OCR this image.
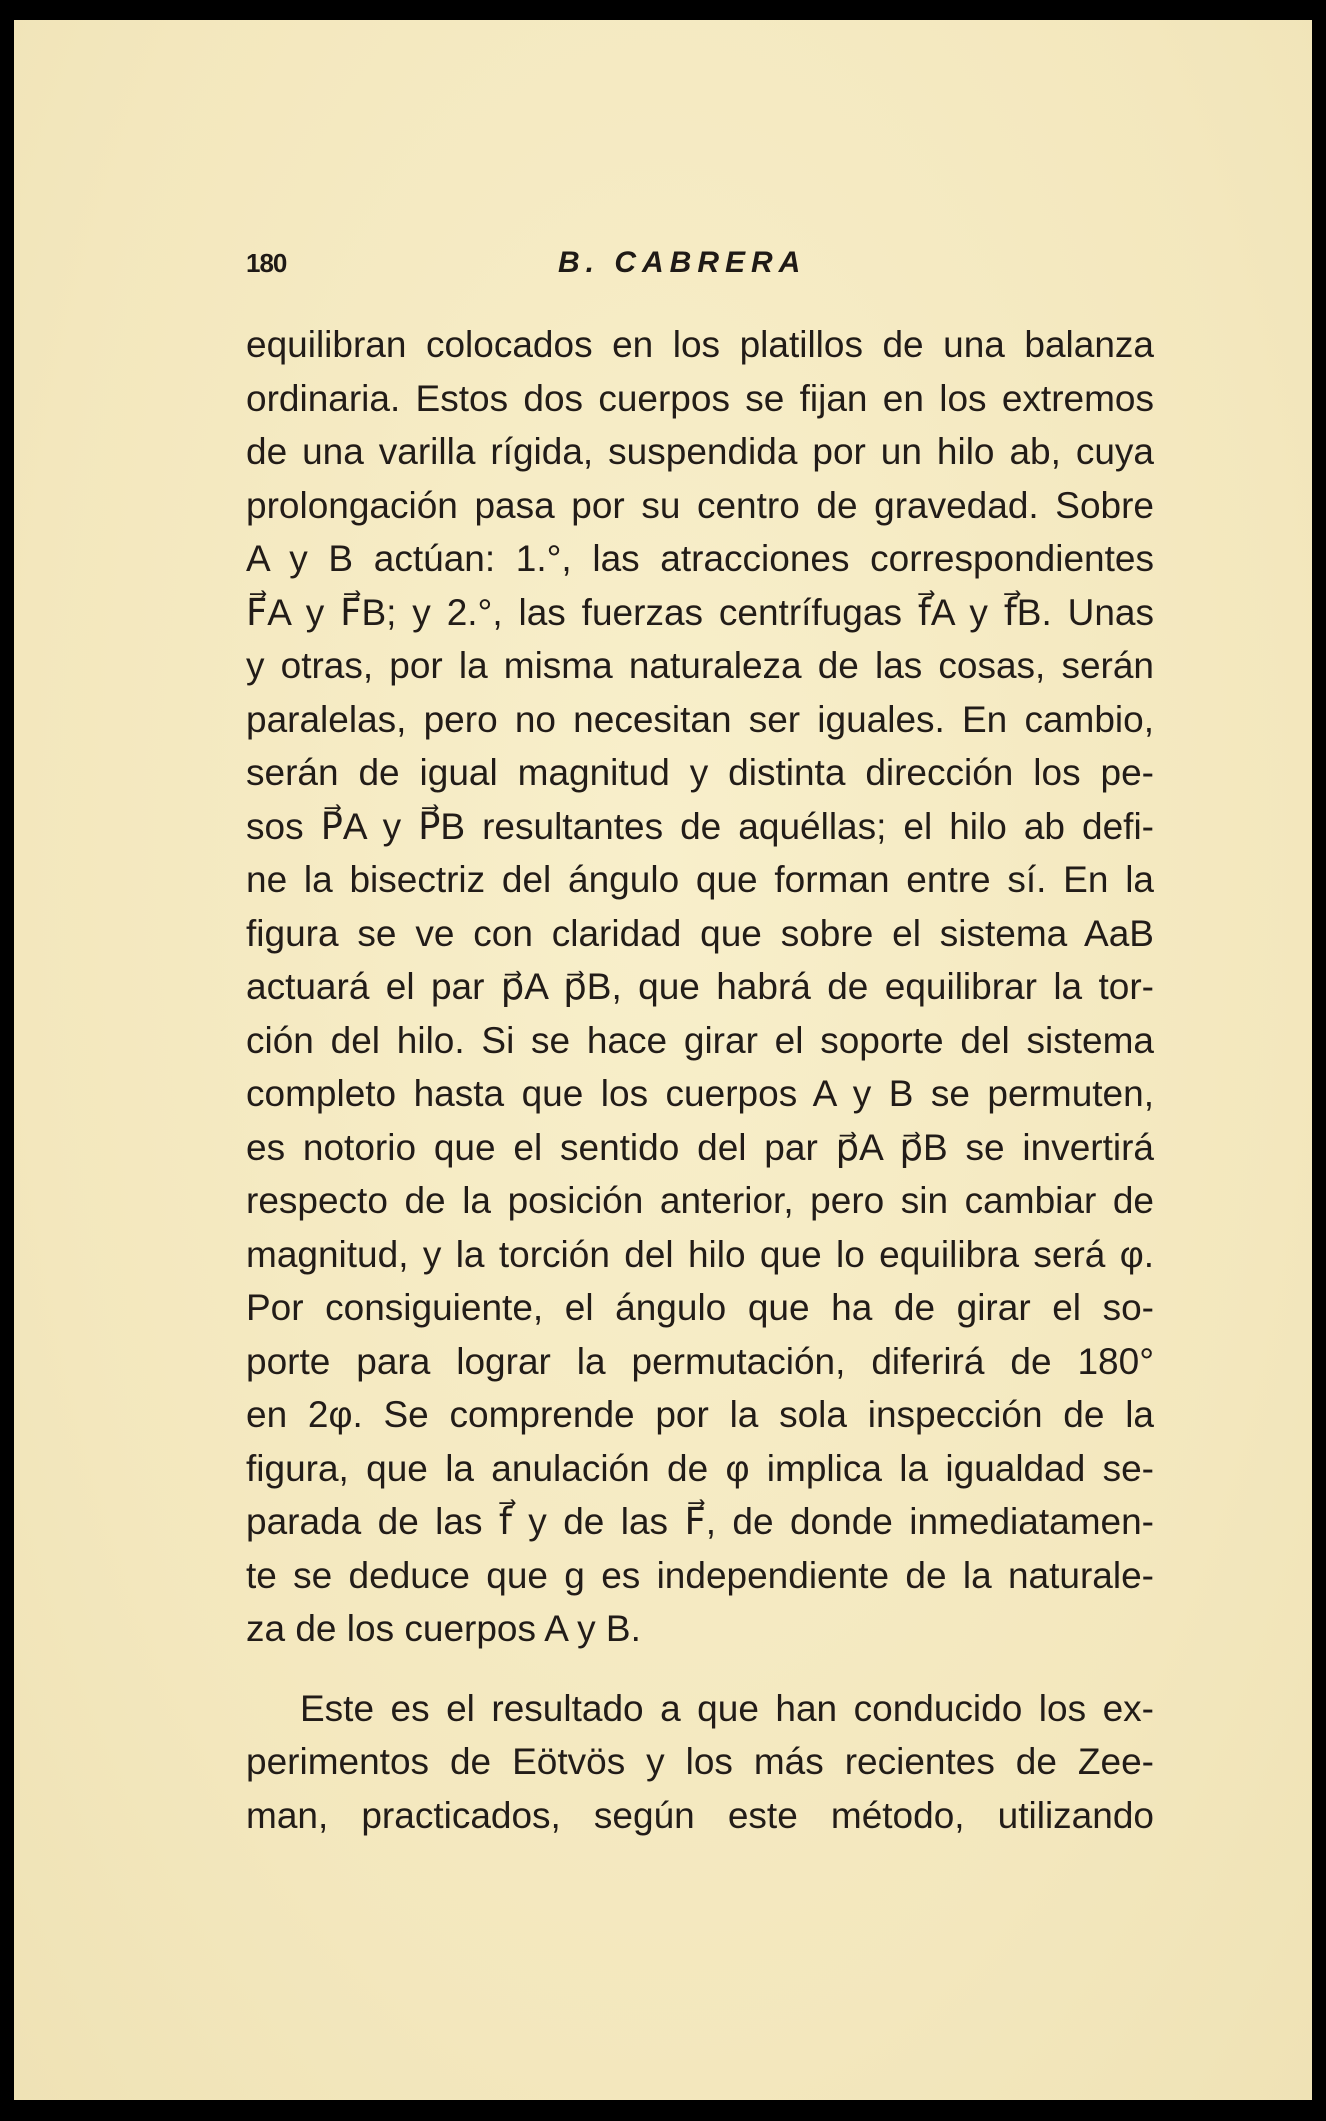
180	B. CABRERA
equilibran colocados en los platillos de una balanza
ordinaria. Estos dos cuerpos se fijan en los extremos
de una varilla rígida, suspendida por un hilo ab, cuya
prolongación pasa por su centro de gravedad. Sobre
A y B actúan: 1.°, las atracciones correspondientes
F⃗A y F⃗B; y 2.°, las fuerzas centrífugas f⃗A y f⃗B. Unas
y otras, por la misma naturaleza de las cosas, serán
paralelas, pero no necesitan ser iguales. En cambio,
serán de igual magnitud y distinta dirección los pe-
sos P⃗A y P⃗B resultantes de aquéllas; el hilo ab defi-
ne la bisectriz del ángulo que forman entre sí. En la
figura se ve con claridad que sobre el sistema AaB
actuará el par p⃗A p⃗B, que habrá de equilibrar la tor-
ción del hilo. Si se hace girar el soporte del sistema
completo hasta que los cuerpos A y B se permuten,
es notorio que el sentido del par p⃗A p⃗B se invertirá
respecto de la posición anterior, pero sin cambiar de
magnitud, y la torción del hilo que lo equilibra será φ.
Por consiguiente, el ángulo que ha de girar el so-
porte para lograr la permutación, diferirá de 180°
en 2φ. Se comprende por la sola inspección de la
figura, que la anulación de φ implica la igualdad se-
parada de las f⃗ y de las F⃗, de donde inmediatamen-
te se deduce que g es independiente de la naturale-
za de los cuerpos A y B.
Este es el resultado a que han conducido los ex-
perimentos de Eötvös y los más recientes de Zee-
man, practicados, según este método, utilizando
